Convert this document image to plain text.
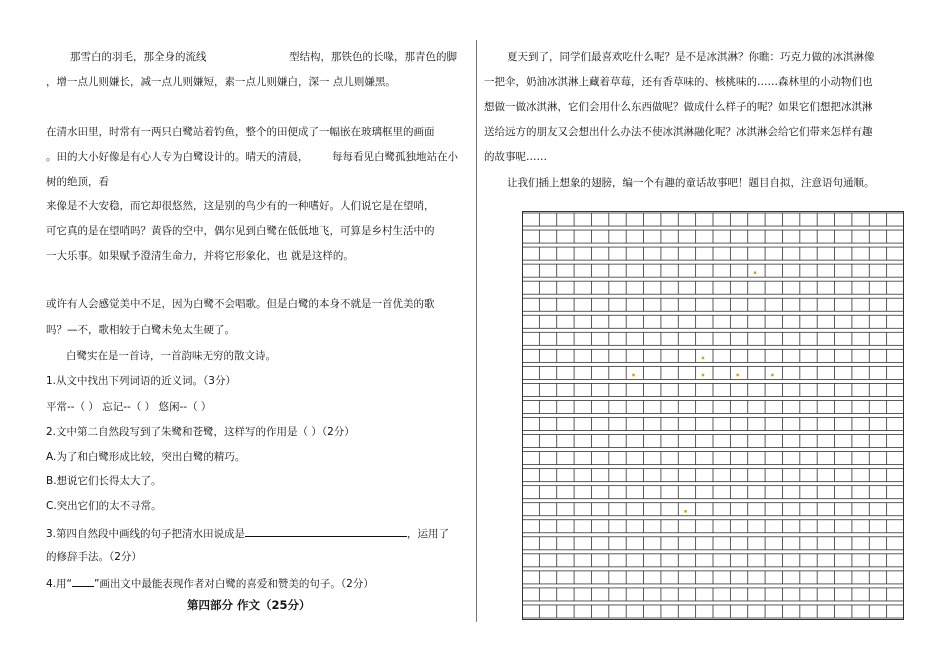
那雪白的羽毛，那全身的流线	型结构，那铁色的长喙，那青色的脚
，增一点儿则嫌长，减一点儿则嫌短，素一点儿则嫌白，深一 点儿则嫌黑。
在清水田里，时常有一两只白鹭站着钓鱼，整个的田便成了一幅嵌在玻璃框里的画面
。田的大小好像是有心人专为白鹭设计的。晴天的清晨， 每每看见白鹭孤独地站在小
树的绝顶，看
来像是不大安稳，而它却很悠然，这是别的鸟少有的一种嗜好。人们说它是在望哨，
可它真的是在望哨吗？黄昏的空中，偶尔见到白鹭在低低地飞，可算是乡村生活中的
一大乐事。如果赋予澄清生命力，并将它形象化，也 就是这样的。
或许有人会感觉美中不足，因为白鹭不会唱歌。但是白鹭的本身不就是一首优美的歌
吗？—不，歌相较于白鹭未免太生硬了。
白鹭实在是一首诗，一首韵味无穷的散文诗。
1.从文中找出下列词语的近义词。（3分）
平常--（ ） 忘记--（ ） 悠闲--（ ）
2.文中第二自然段写到了朱鹭和苍鹭，这样写的作用是（ ）（2分）
A.为了和白鹭形成比较，突出白鹭的精巧。
B.想说它们长得太大了。
C.突出它们的太不寻常。
3.第四自然段中画线的句子把清水田说成是	，运用了
的修辞手法。（2分）
4.用“ ”画出文中最能表现作者对白鹭的喜爱和赞美的句子。（2分）
第四部分 作文（25分）
夏天到了，同学们最喜欢吃什么呢？是不是冰淇淋？你瞧：巧克力做的冰淇淋像
一把伞，奶油冰淇淋上藏着草莓，还有香草味的、核桃味的……森林里的小动物们也
想做一做冰淇淋，它们会用什么东西做呢？做成什么样子的呢？如果它们想把冰淇淋
送给远方的朋友又会想出什么办法不使冰淇淋融化呢？冰淇淋会给它们带来怎样有趣
的故事呢……
让我们插上想象的翅膀，编一个有趣的童话故事吧！题目自拟，注意语句通顺。
